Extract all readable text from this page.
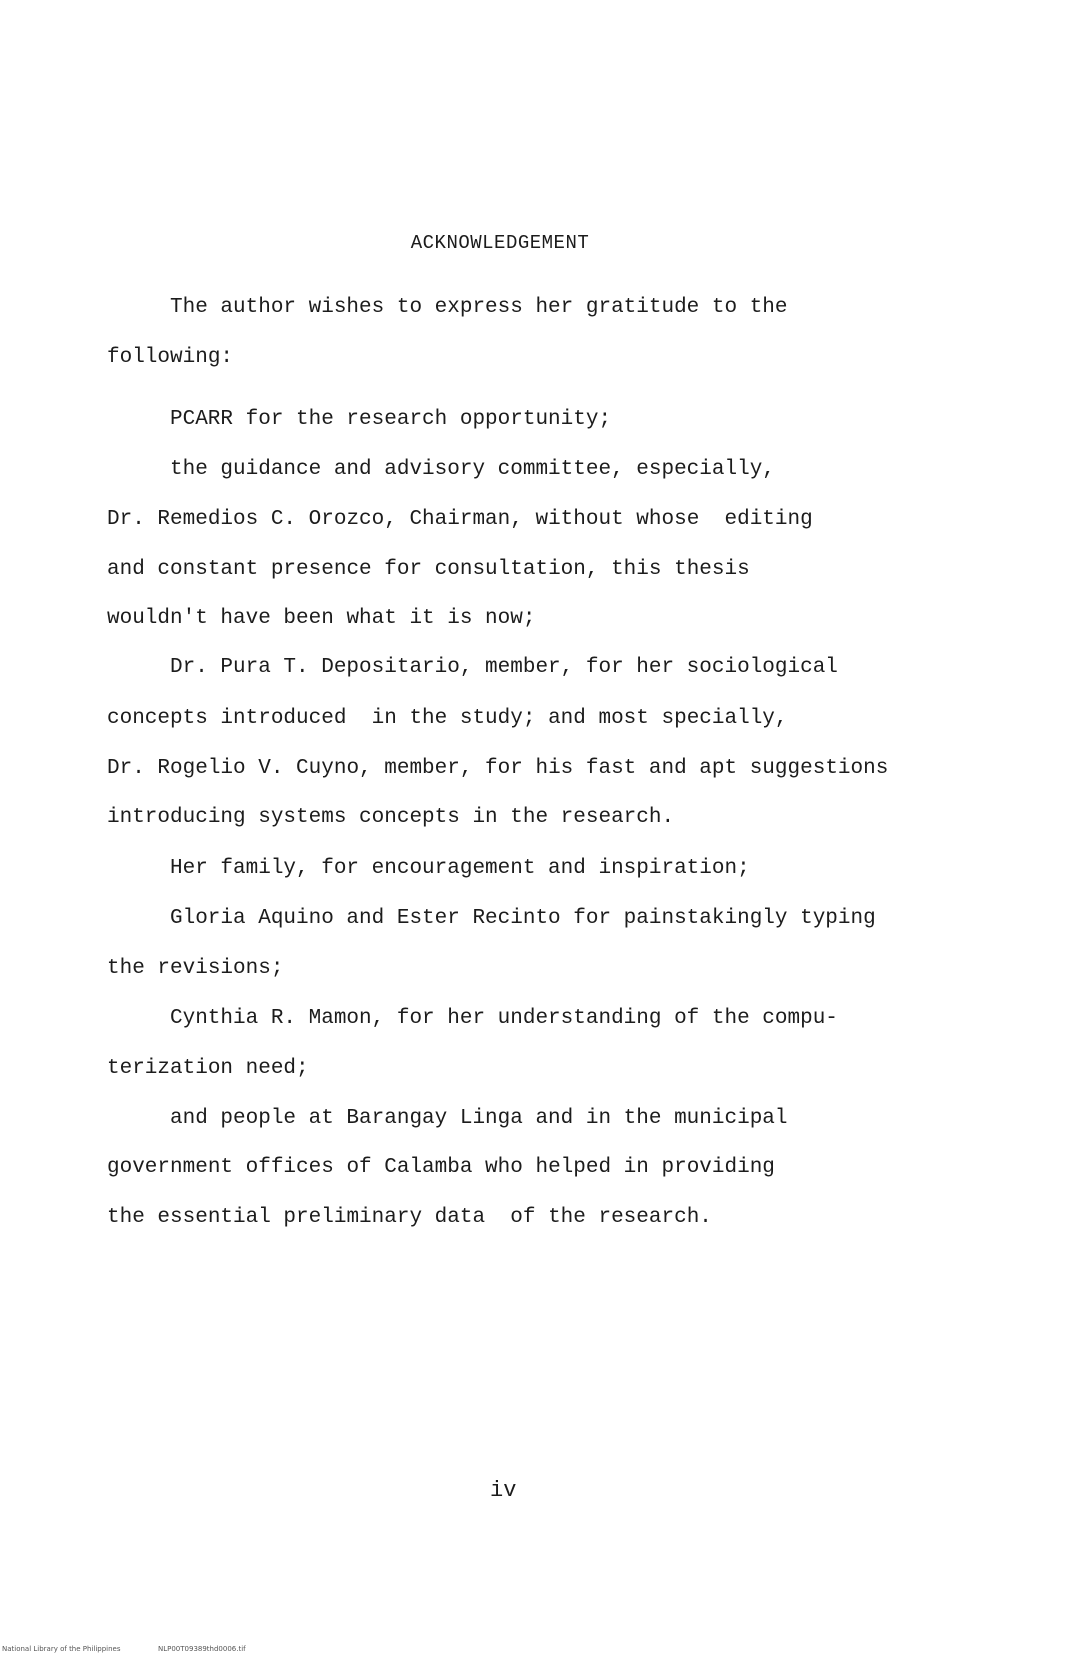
ACKNOWLEDGEMENT
The author wishes to express her gratitude to the
following:
PCARR for the research opportunity;
the guidance and advisory committee, especially,
Dr. Remedios C. Orozco, Chairman, without whose  editing
and constant presence for consultation, this thesis
wouldn't have been what it is now;
Dr. Pura T. Depositario, member, for her sociological
concepts introduced  in the study; and most specially,
Dr. Rogelio V. Cuyno, member, for his fast and apt suggestions
introducing systems concepts in the research.
Her family, for encouragement and inspiration;
Gloria Aquino and Ester Recinto for painstakingly typing
the revisions;
Cynthia R. Mamon, for her understanding of the compu-
terization need;
and people at Barangay Linga and in the municipal
government offices of Calamba who helped in providing
the essential preliminary data  of the research.
iv
National Library of the Philippines	NLP00T09389thd0006.tif
